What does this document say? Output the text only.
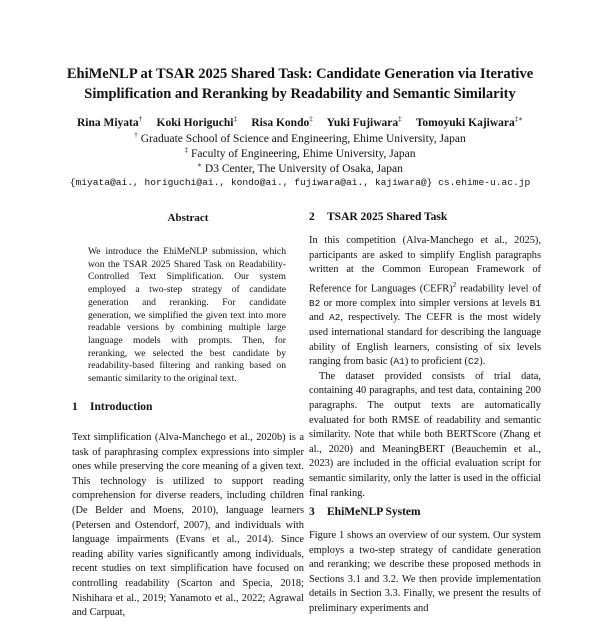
EhiMeNLP at TSAR 2025 Shared Task: Candidate Generation via Iterative
Simplification and Reranking by Readability and Semantic Similarity
Rina Miyata† Koki Horiguchi‡ Risa Kondo‡ Yuki Fujiwara‡ Tomoyuki Kajiwara‡∗
† Graduate School of Science and Engineering, Ehime University, Japan
‡ Faculty of Engineering, Ehime University, Japan
∗ D3 Center, The University of Osaka, Japan
{miyata@ai., horiguchi@ai., kondo@ai., fujiwara@ai., kajiwara@} cs.ehime-u.ac.jp
Abstract
We introduce the EhiMeNLP submission, which won the TSAR 2025 Shared Task on Readability-Controlled Text Simplification. Our system employed a two-step strategy of candidate generation and reranking. For candidate generation, we simplified the given text into more readable versions by combining multiple large language models with prompts. Then, for reranking, we selected the best candidate by readability-based filtering and ranking based on semantic similarity to the original text.
1 Introduction

Text simplification (Alva-Manchego et al., 2020b) is a task of paraphrasing complex expressions into simpler ones while preserving the core meaning of a given text. This technology is utilized to support reading comprehension for diverse readers, including children (De Belder and Moens, 2010), language learners (Petersen and Ostendorf, 2007), and individuals with language impairments (Evans et al., 2014). Since reading ability varies significantly among individuals, recent studies on text simplification have focused on controlling readability (Scarton and Specia, 2018; Nishihara et al., 2019; Yanamoto et al., 2022; Agrawal and Carpuat,

2 TSAR 2025 Shared Task

In this competition (Alva-Manchego et al., 2025), participants are asked to simplify English paragraphs written at the Common European Framework of Reference for Languages (CEFR)$^2$ readability level of B2 or more complex into simpler versions at levels B1 and A2, respectively. The CEFR is the most widely used international standard for describing the language ability of English learners, consisting of six levels ranging from basic (A1) to proficient (C2).

The dataset provided consists of trial data, containing 40 paragraphs, and test data, containing 200 paragraphs. The output texts are automatically evaluated for both RMSE of readability and semantic similarity. Note that while both BERTScore (Zhang et al., 2020) and MeaningBERT (Beauchemin et al., 2023) are included in the official evaluation script for semantic similarity, only the latter is used in the official final ranking.

3 EhiMeNLP System

Figure 1 shows an overview of our system. Our system employs a two-step strategy of candidate generation and reranking; we describe these proposed methods in Sections 3.1 and 3.2. We then provide implementation details in Section 3.3. Finally, we present the results of preliminary experiments and
